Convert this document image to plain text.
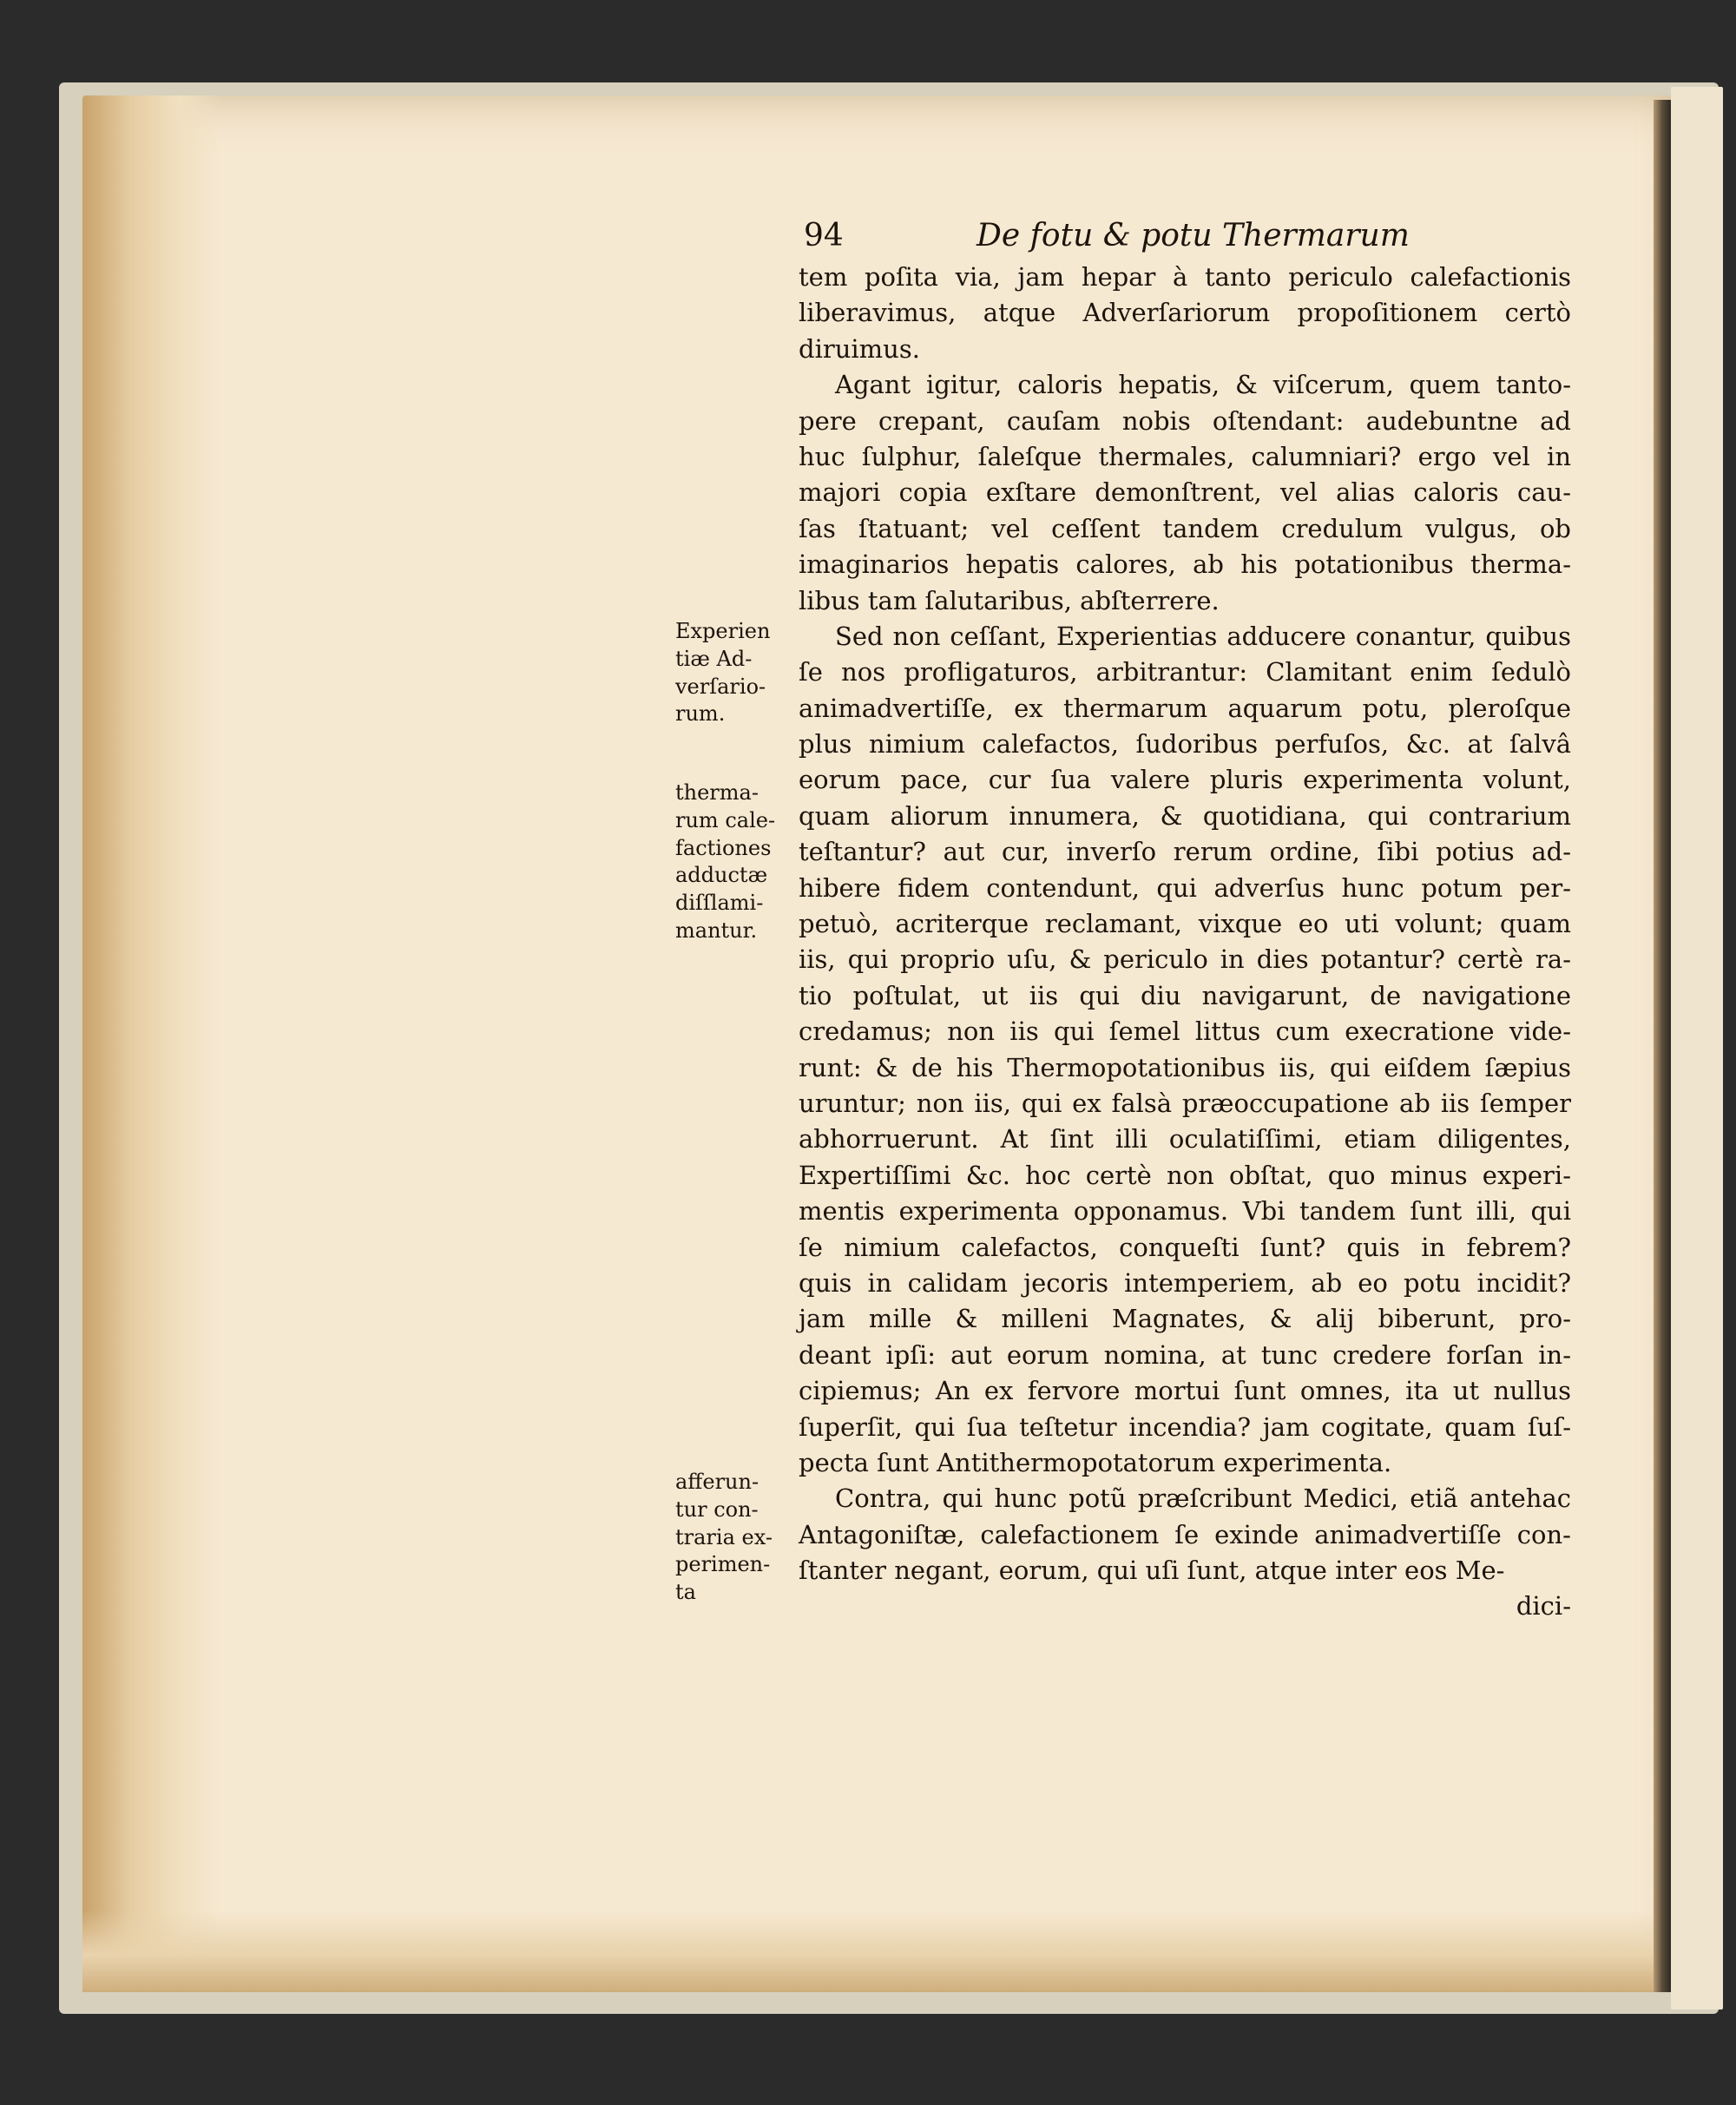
94	De fotu & potu Thermarum
tem poſita via, jam hepar à tanto periculo calefactionis
liberavimus, atque Adverſariorum propoſitionem certò
diruimus.
Agant igitur, caloris hepatis, & viſcerum, quem tanto-
pere crepant, cauſam nobis oſtendant: audebuntne ad
huc ſulphur, ſaleſque thermales, calumniari? ergo vel in
majori copia exſtare demonſtrent, vel alias caloris cau-
ſas ſtatuant; vel ceſſent tandem credulum vulgus, ob
imaginarios hepatis calores, ab his potationibus therma-
libus tam ſalutaribus, abſterrere.
Sed non ceſſant, Experientias adducere conantur, quibus
ſe nos profligaturos, arbitrantur: Clamitant enim ſedulò
animadvertiſſe, ex thermarum aquarum potu, pleroſque
plus nimium calefactos, ſudoribus perfuſos, &c. at ſalvâ
eorum pace, cur ſua valere pluris experimenta volunt,
quam aliorum innumera, & quotidiana, qui contrarium
teſtantur? aut cur, inverſo rerum ordine, ſibi potius ad-
hibere fidem contendunt, qui adverſus hunc potum per-
petuò, acriterque reclamant, vixque eo uti volunt; quam
iis, qui proprio uſu, & periculo in dies potantur? certè ra-
tio poſtulat, ut iis qui diu navigarunt, de navigatione
credamus; non iis qui ſemel littus cum execratione vide-
runt: & de his Thermopotationibus iis, qui eiſdem ſæpius
uruntur; non iis, qui ex falsà præoccupatione ab iis ſemper
abhorruerunt. At ſint illi oculatiſſimi, etiam diligentes,
Expertiſſimi &c. hoc certè non obſtat, quo minus experi-
mentis experimenta opponamus. Vbi tandem ſunt illi, qui
ſe nimium calefactos, conqueſti ſunt? quis in febrem?
quis in calidam jecoris intemperiem, ab eo potu incidit?
jam mille & milleni Magnates, & alij biberunt, pro-
deant ipſi: aut eorum nomina, at tunc credere forſan in-
cipiemus; An ex fervore mortui ſunt omnes, ita ut nullus
ſuperſit, qui ſua teſtetur incendia? jam cogitate, quam ſuſ-
pecta ſunt Antithermopotatorum experimenta.
Contra, qui hunc potũ præſcribunt Medici, etiã antehac
Antagoniſtæ, calefactionem ſe exinde animadvertiſſe con-
ſtanter negant, eorum, qui uſi ſunt, atque inter eos Me-
dici-
Experien
tiæ Ad-
verſario-
rum.
therma-
rum cale-
factiones
adductæ
diſſlami-
mantur.
afferun-
tur con-
traria ex-
perimen-
ta
